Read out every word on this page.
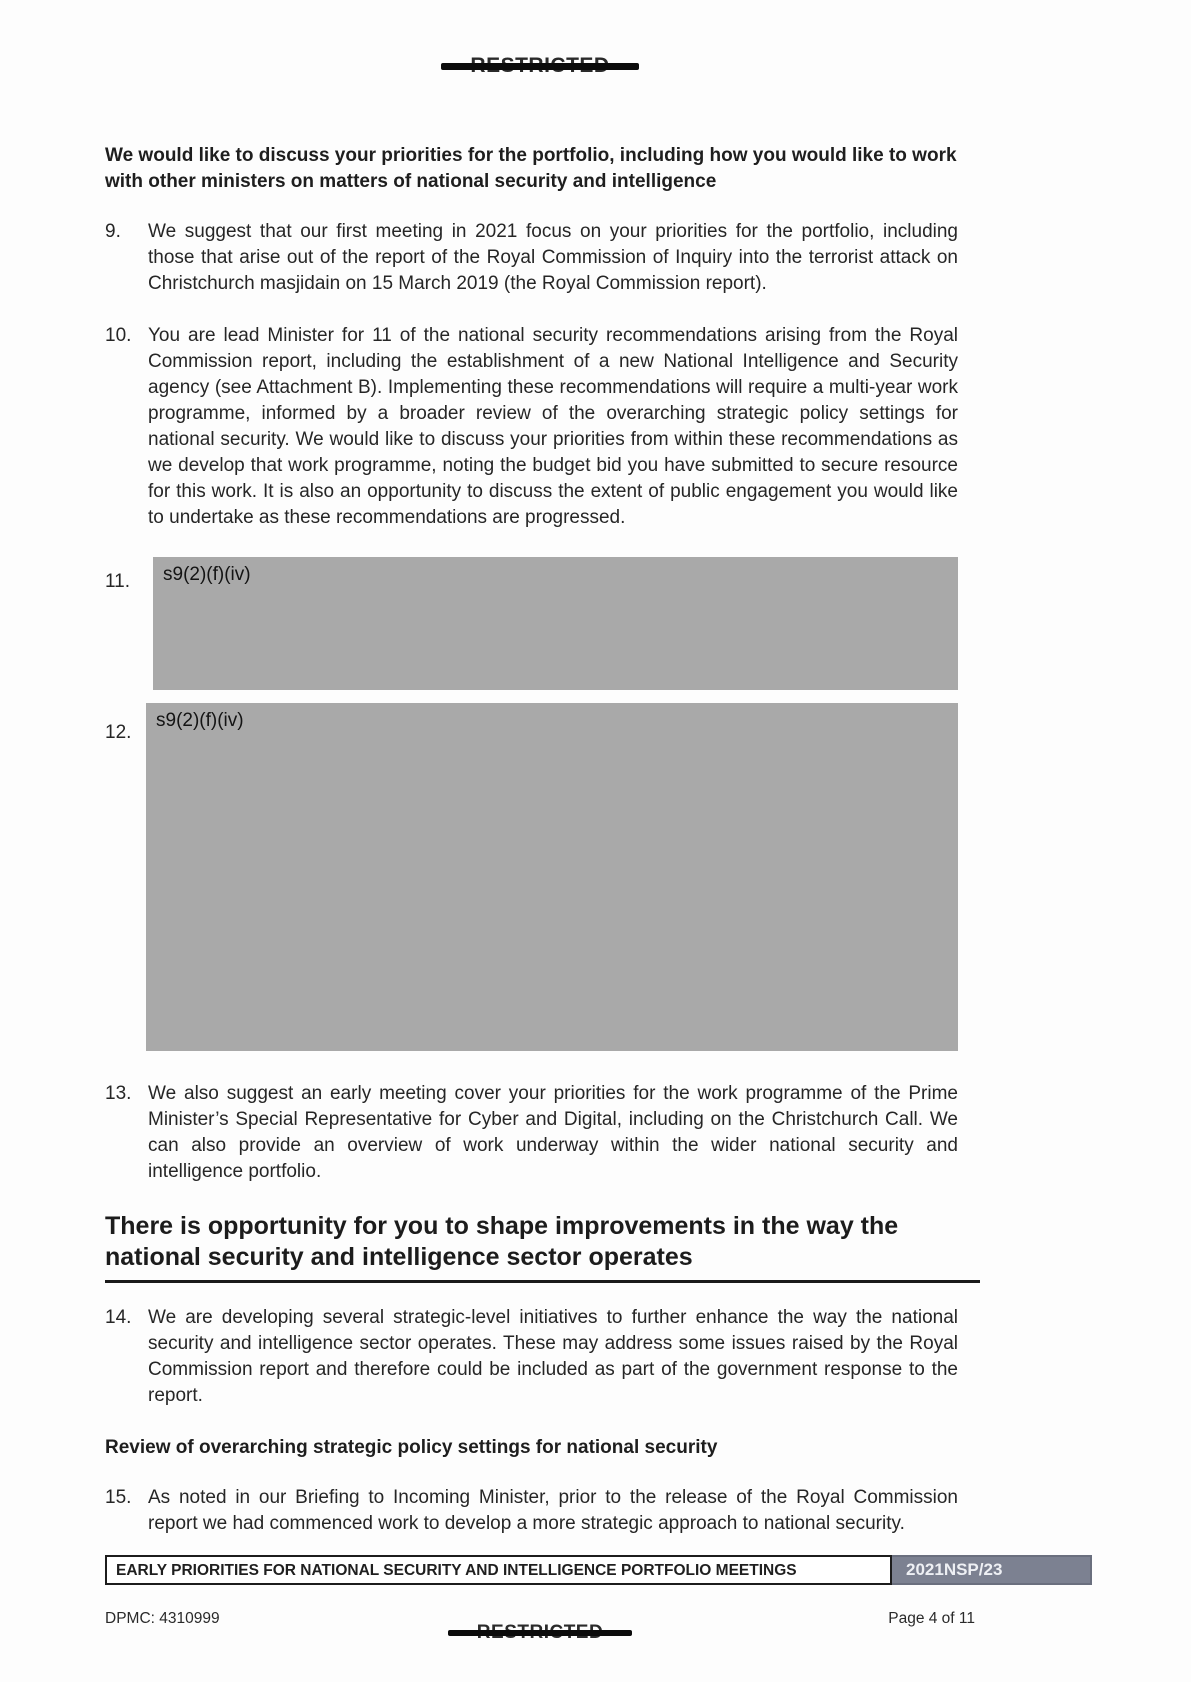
We would like to discuss your priorities for the portfolio, including how you would like to work with other ministers on matters of national security and intelligence
9.	We suggest that our first meeting in 2021 focus on your priorities for the portfolio, including those that arise out of the report of the Royal Commission of Inquiry into the terrorist attack on Christchurch masjidain on 15 March 2019 (the Royal Commission report).
10. You are lead Minister for 11 of the national security recommendations arising from the Royal Commission report, including the establishment of a new National Intelligence and Security agency (see Attachment B). Implementing these recommendations will require a multi-year work programme, informed by a broader review of the overarching strategic policy settings for national security. We would like to discuss your priorities from within these recommendations as we develop that work programme, noting the budget bid you have submitted to secure resource for this work. It is also an opportunity to discuss the extent of public engagement you would like to undertake as these recommendations are progressed.
11.	s9(2)(f)(iv)
12.
s9(2)(f)(iv)
13. We also suggest an early meeting cover your priorities for the work programme of the Prime Minister’s Special Representative for Cyber and Digital, including on the Christchurch Call. We can also provide an overview of work underway within the wider national security and intelligence portfolio.
There is opportunity for you to shape improvements in the way the national security and intelligence sector operates
14. We are developing several strategic-level initiatives to further enhance the way the national security and intelligence sector operates. These may address some issues raised by the Royal Commission report and therefore could be included as part of the government response to the report.
Review of overarching strategic policy settings for national security
15. As noted in our Briefing to Incoming Minister, prior to the release of the Royal Commission report we had commenced work to develop a more strategic approach to national security.
EARLY PRIORITIES FOR NATIONAL SECURITY AND INTELLIGENCE PORTFOLIO MEETINGS	2021NSP/23
DPMC: 4310999	Page 4 of 11
